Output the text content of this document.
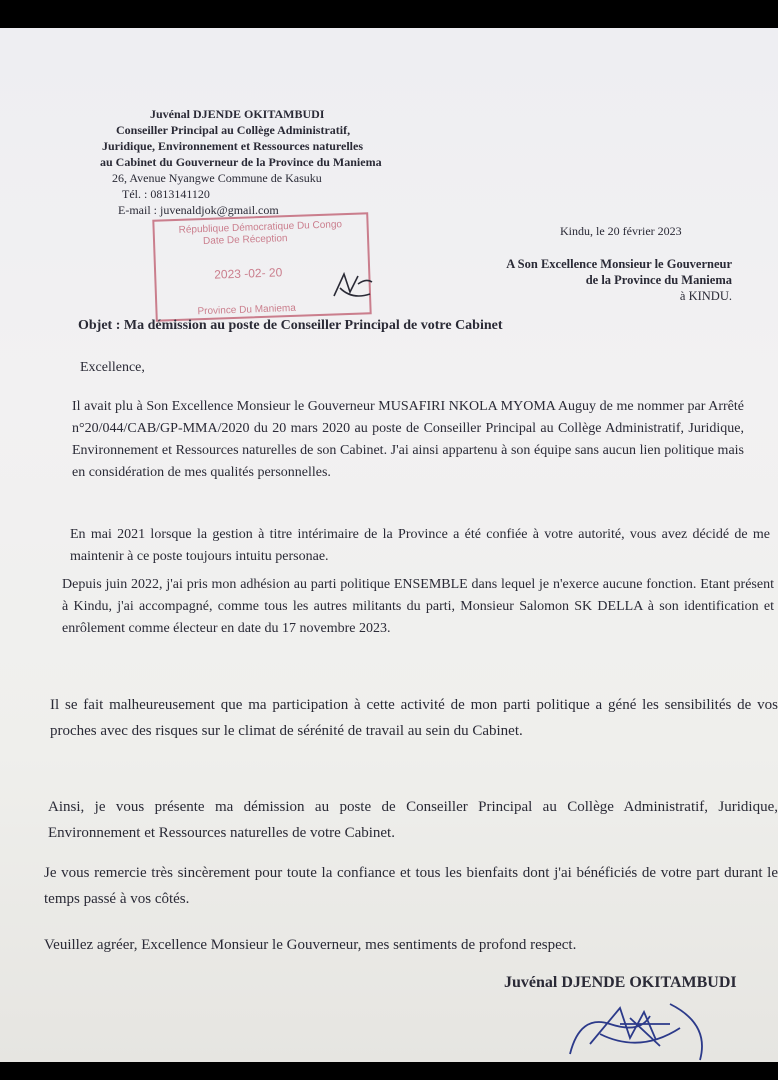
Juvénal DJENDE OKITAMBUDI
Conseiller Principal au Collège Administratif,
Juridique, Environnement et Ressources naturelles
au Cabinet du Gouverneur de la Province du Maniema
26, Avenue Nyangwe Commune de Kasuku
Tél. : 0813141120
E-mail : juvenaldjok@gmail.com
République Démocratique Du Congo
Date De Réception
2023 -02- 20
Province Du Maniema
Kindu, le 20 février 2023
A Son Excellence Monsieur le Gouverneur
de la Province du Maniema
à KINDU.
Objet : Ma démission au poste de Conseiller Principal de votre Cabinet
Excellence,
Il avait plu à Son Excellence Monsieur le Gouverneur MUSAFIRI NKOLA MYOMA Auguy de me nommer par Arrêté n°20/044/CAB/GP-MMA/2020 du 20 mars 2020 au poste de Conseiller Principal au Collège Administratif, Juridique, Environnement et Ressources naturelles de son Cabinet. J'ai ainsi appartenu à son équipe sans aucun lien politique mais en considération de mes qualités personnelles.
En mai 2021 lorsque la gestion à titre intérimaire de la Province a été confiée à votre autorité, vous avez décidé de me maintenir à ce poste toujours intuitu personae.
Depuis juin 2022, j'ai pris mon adhésion au parti politique ENSEMBLE dans lequel je n'exerce aucune fonction. Etant présent à Kindu, j'ai accompagné, comme tous les autres militants du parti, Monsieur Salomon SK DELLA à son identification et enrôlement comme électeur en date du 17 novembre 2023.
Il se fait malheureusement que ma participation à cette activité de mon parti politique a géné les sensibilités de vos proches avec des risques sur le climat de sérénité de travail au sein du Cabinet.
Ainsi, je vous présente ma démission au poste de Conseiller Principal au Collège Administratif, Juridique, Environnement et Ressources naturelles de votre Cabinet.
Je vous remercie très sincèrement pour toute la confiance et tous les bienfaits dont j'ai bénéficiés de votre part durant le temps passé à vos côtés.
Veuillez agréer, Excellence Monsieur le Gouverneur, mes sentiments de profond respect.
Juvénal DJENDE OKITAMBUDI
